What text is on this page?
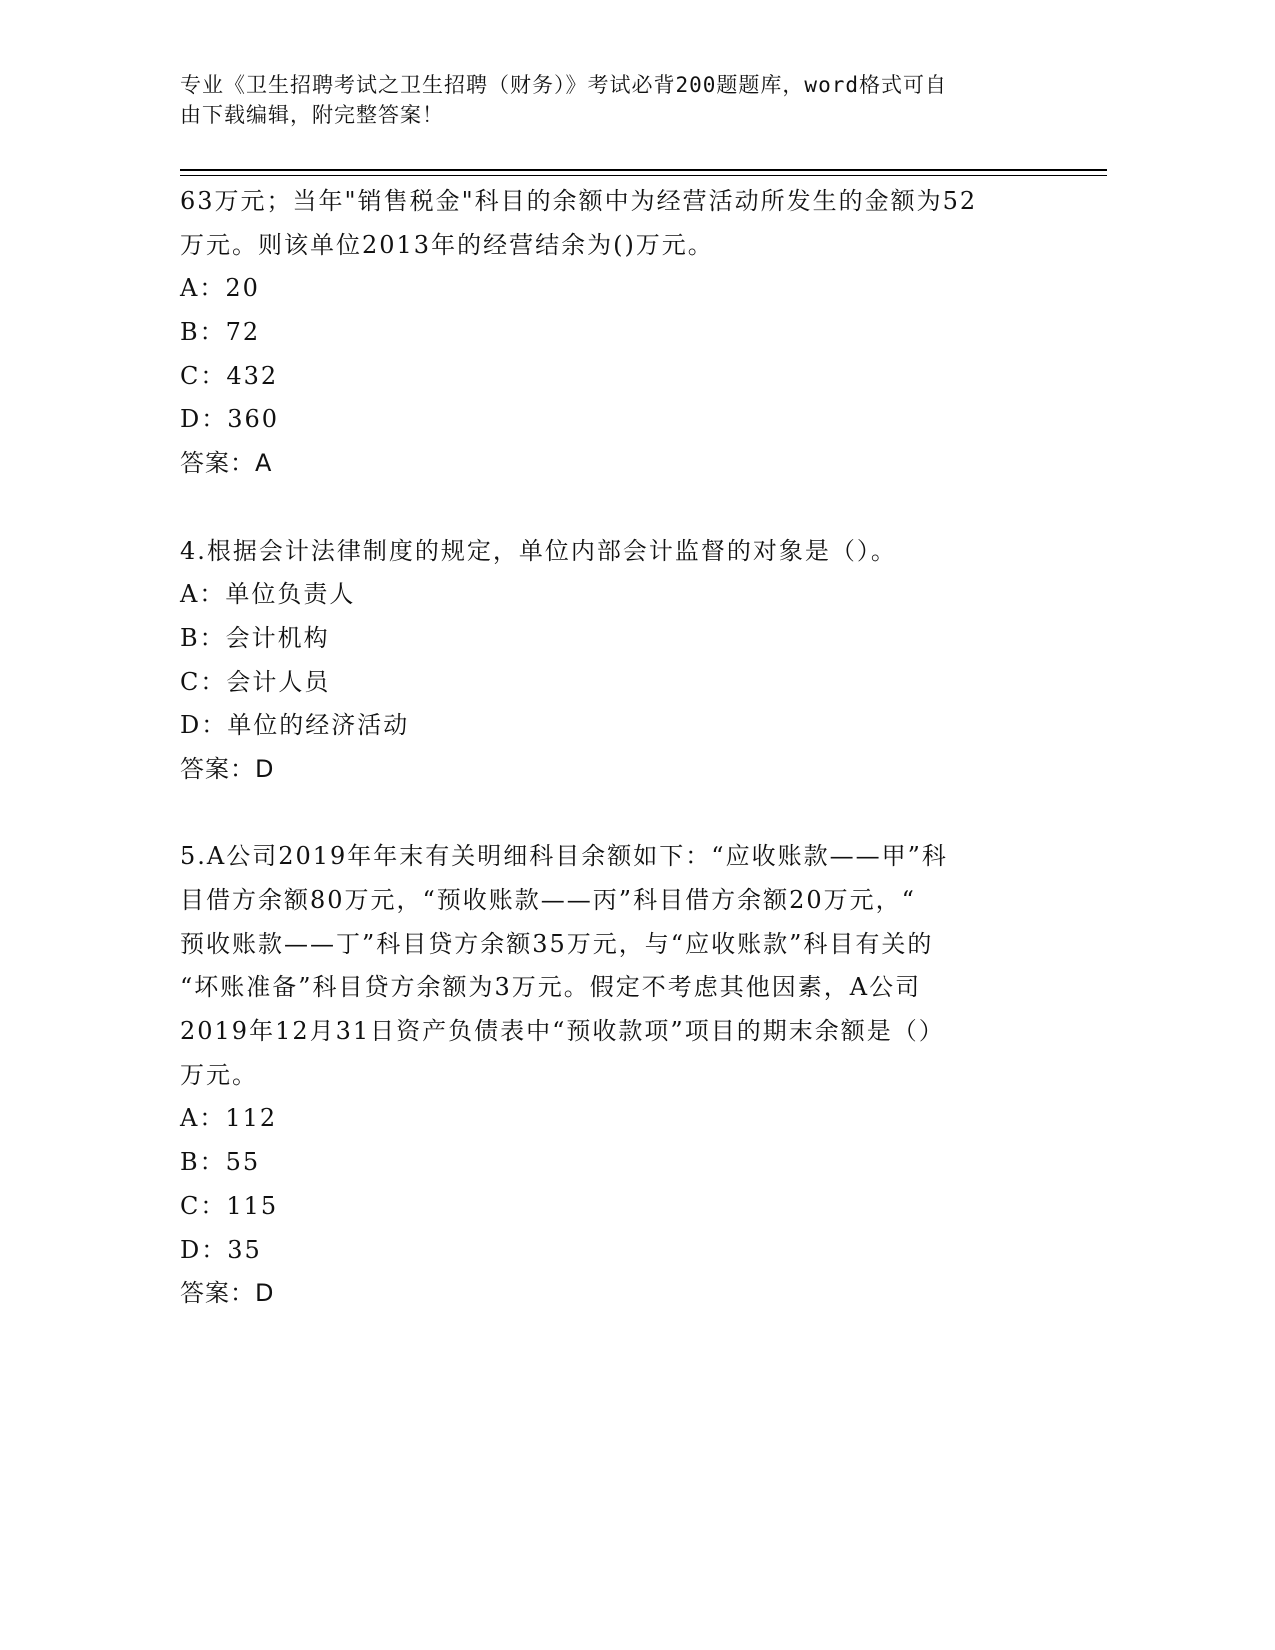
专业《卫生招聘考试之卫生招聘（财务）》考试必背200题题库，word格式可自
由下载编辑，附完整答案！
63万元；当年"销售税金"科目的余额中为经营活动所发生的金额为52
万元。则该单位2013年的经营结余为()万元。
A：20
B：72
C：432
D：360
答案：A
4.根据会计法律制度的规定，单位内部会计监督的对象是（）。
A：单位负责人
B：会计机构
C：会计人员
D：单位的经济活动
答案：D
5.A公司2019年年末有关明细科目余额如下：“应收账款——甲”科
目借方余额80万元，“预收账款——丙”科目借方余额20万元，“
预收账款——丁”科目贷方余额35万元，与“应收账款”科目有关的
“坏账准备”科目贷方余额为3万元。假定不考虑其他因素，A公司
2019年12月31日资产负债表中“预收款项”项目的期末余额是（）
万元。
A：112
B：55
C：115
D：35
答案：D
